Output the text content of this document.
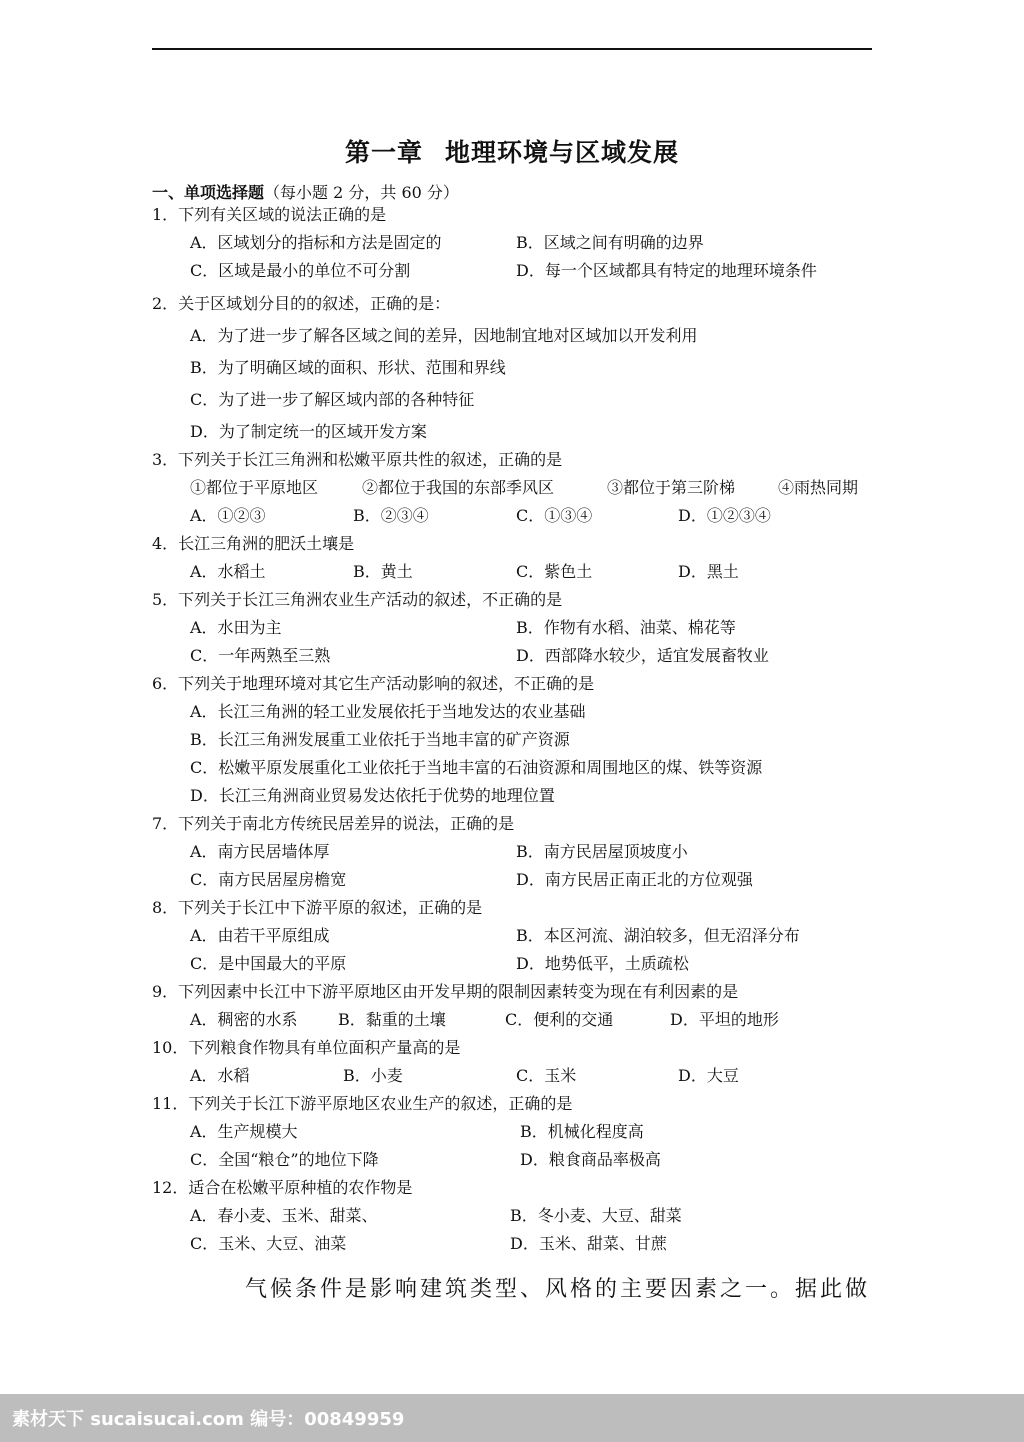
第一章 地理环境与区域发展
一、单项选择题（每小题 2 分，共 60 分）
1．下列有关区域的说法正确的是
A．区域划分的指标和方法是固定的	B．区域之间有明确的边界
C．区域是最小的单位不可分割	D．每一个区域都具有特定的地理环境条件
2．关于区域划分目的的叙述，正确的是：
A．为了进一步了解各区域之间的差异，因地制宜地对区域加以开发利用
B．为了明确区域的面积、形状、范围和界线
C．为了进一步了解区域内部的各种特征
D．为了制定统一的区域开发方案
3．下列关于长江三角洲和松嫩平原共性的叙述，正确的是
①都位于平原地区	②都位于我国的东部季风区	③都位于第三阶梯	④雨热同期
A．①②③	B．②③④	C．①③④	D．①②③④
4．长江三角洲的肥沃土壤是
A．水稻土	B．黄土	C．紫色土	D．黑土
5．下列关于长江三角洲农业生产活动的叙述，不正确的是
A．水田为主	B．作物有水稻、油菜、棉花等
C．一年两熟至三熟	D．西部降水较少，适宜发展畜牧业
6．下列关于地理环境对其它生产活动影响的叙述，不正确的是
A．长江三角洲的轻工业发展依托于当地发达的农业基础
B．长江三角洲发展重工业依托于当地丰富的矿产资源
C．松嫩平原发展重化工业依托于当地丰富的石油资源和周围地区的煤、铁等资源
D．长江三角洲商业贸易发达依托于优势的地理位置
7．下列关于南北方传统民居差异的说法，正确的是
A．南方民居墙体厚	B．南方民居屋顶坡度小
C．南方民居屋房檐宽	D．南方民居正南正北的方位观强
8．下列关于长江中下游平原的叙述，正确的是
A．由若干平原组成	B．本区河流、湖泊较多，但无沼泽分布
C．是中国最大的平原	D．地势低平，土质疏松
9．下列因素中长江中下游平原地区由开发早期的限制因素转变为现在有利因素的是
A．稠密的水系	B．黏重的土壤	C．便利的交通	D．平坦的地形
10．下列粮食作物具有单位面积产量高的是
A．水稻	B．小麦	C．玉米	D．大豆
11．下列关于长江下游平原地区农业生产的叙述，正确的是
A．生产规模大	B．机械化程度高
C．全国“粮仓”的地位下降	D．粮食商品率极高
12．适合在松嫩平原种植的农作物是
A．春小麦、玉米、甜菜、	B．冬小麦、大豆、甜菜
C．玉米、大豆、油菜	D．玉米、甜菜、甘蔗
气候条件是影响建筑类型、风格的主要因素之一。据此做
素材天下 sucaisucai.com 编号：00849959
